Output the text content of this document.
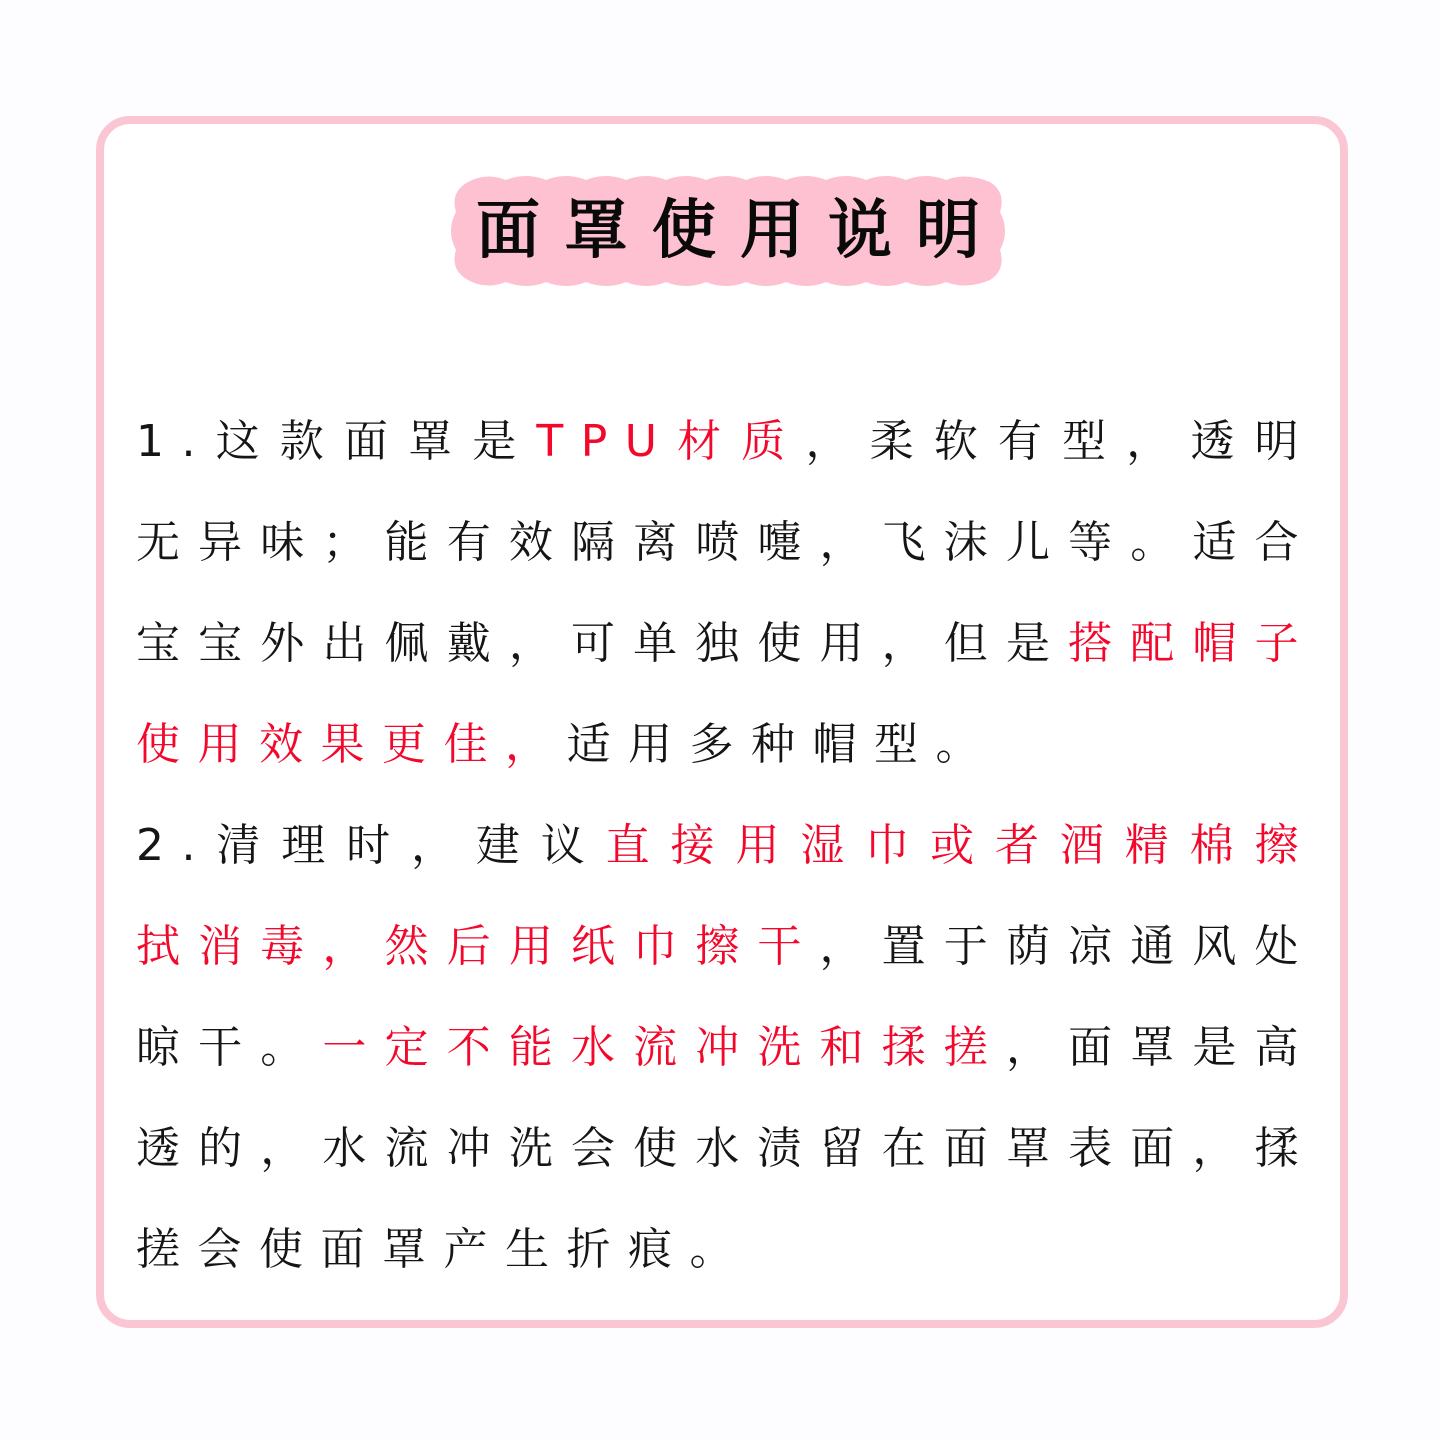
面罩使用说明

1.这款面罩是TPU材质，柔软有型，透明无异味；能有效隔离喷嚏，飞沫儿等。适合宝宝外出佩戴，可单独使用，但是搭配帽子使用效果更佳，适用多种帽型。

2.清理时，建议直接用湿巾或者酒精棉擦拭消毒，然后用纸巾擦干，置于荫凉通风处晾干。一定不能水流冲洗和揉搓，面罩是高透的，水流冲洗会使水渍留在面罩表面，揉搓会使面罩产生折痕。
